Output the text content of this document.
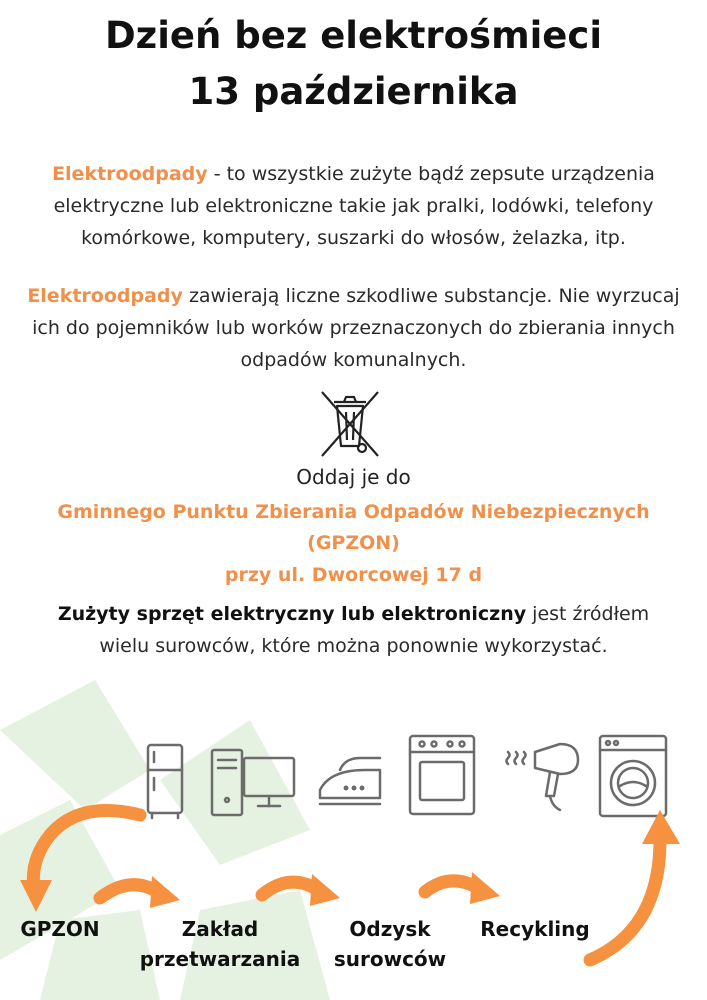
Dzień bez elektrośmieci
13 października

Elektroodpady - to wszystkie zużyte bądź zepsute urządzenia elektryczne lub elektroniczne takie jak pralki, lodówki, telefony komórkowe, komputery, suszarki do włosów, żelazka, itp.

Elektroodpady zawierają liczne szkodliwe substancje. Nie wyrzucaj ich do pojemników lub worków przeznaczonych do zbierania innych odpadów komunalnych.

Oddaj je do
Gminnego Punktu Zbierania Odpadów Niebezpiecznych
(GPZON)
przy ul. Dworcowej 17 d

Zużyty sprzęt elektryczny lub elektroniczny jest źródłem wielu surowców, które można ponownie wykorzystać.

GPZON	Zakład
przetwarzania
Odzysk
surowców
Recykling
